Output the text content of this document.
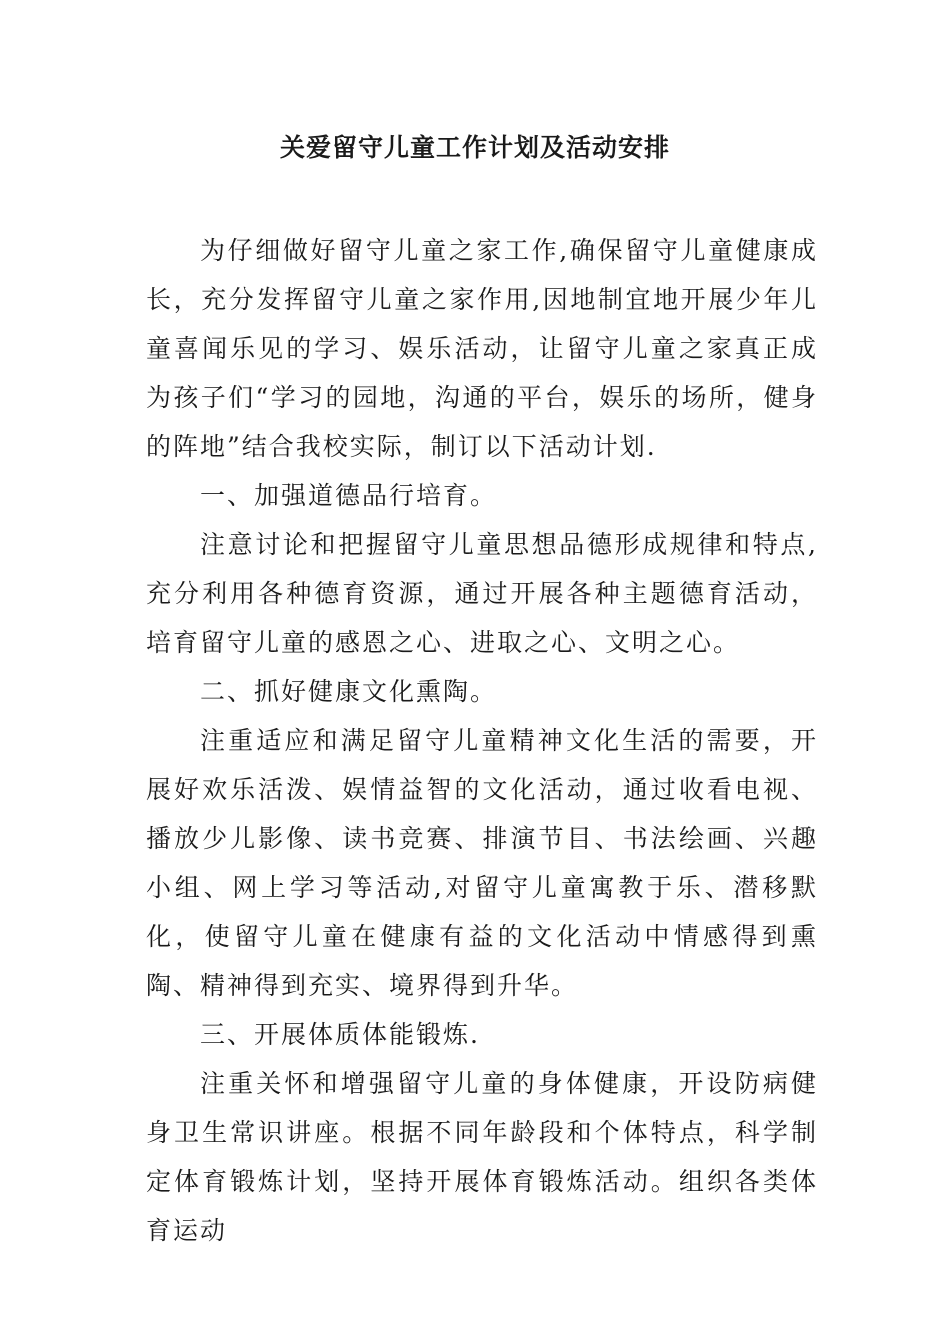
关爱留守儿童工作计划及活动安排

为仔细做好留守儿童之家工作,确保留守儿童健康成长，充分发挥留守儿童之家作用,因地制宜地开展少年儿童喜闻乐见的学习、娱乐活动，让留守儿童之家真正成为孩子们“学习的园地，沟通的平台，娱乐的场所，健身的阵地”结合我校实际，制订以下活动计划.

一、加强道德品行培育。

注意讨论和把握留守儿童思想品德形成规律和特点,充分利用各种德育资源，通过开展各种主题德育活动，培育留守儿童的感恩之心、进取之心、文明之心。

二、抓好健康文化熏陶。

注重适应和满足留守儿童精神文化生活的需要，开展好欢乐活泼、娱情益智的文化活动，通过收看电视、播放少儿影像、读书竞赛、排演节目、书法绘画、兴趣小组、网上学习等活动,对留守儿童寓教于乐、潜移默化，使留守儿童在健康有益的文化活动中情感得到熏陶、精神得到充实、境界得到升华。

三、开展体质体能锻炼.

注重关怀和增强留守儿童的身体健康，开设防病健身卫生常识讲座。根据不同年龄段和个体特点，科学制定体育锻炼计划，坚持开展体育锻炼活动。组织各类体育运动
